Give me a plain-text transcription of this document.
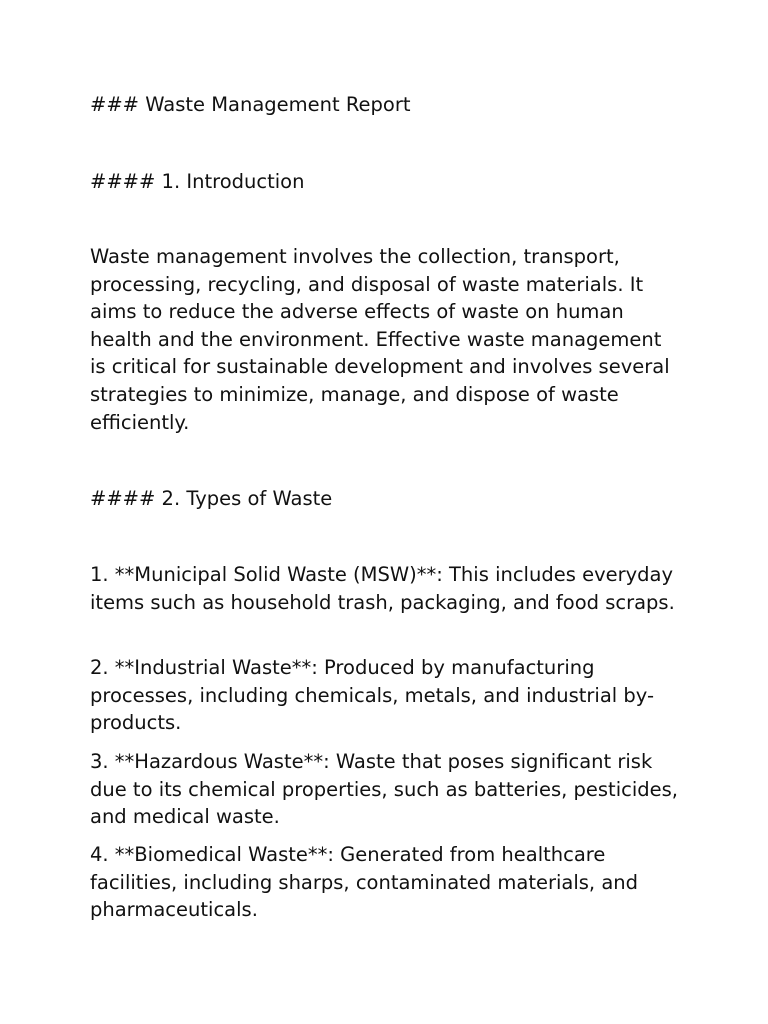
### Waste Management Report
#### 1. Introduction
Waste management involves the collection, transport, processing, recycling, and disposal of waste materials. It aims to reduce the adverse effects of waste on human health and the environment. Effective waste management is critical for sustainable development and involves several strategies to minimize, manage, and dispose of waste efficiently.
#### 2. Types of Waste
1. **Municipal Solid Waste (MSW)**: This includes everyday items such as household trash, packaging, and food scraps.
2. **Industrial Waste**: Produced by manufacturing processes, including chemicals, metals, and industrial by-products.
3. **Hazardous Waste**: Waste that poses significant risk due to its chemical properties, such as batteries, pesticides, and medical waste.
4. **Biomedical Waste**: Generated from healthcare facilities, including sharps, contaminated materials, and pharmaceuticals.
